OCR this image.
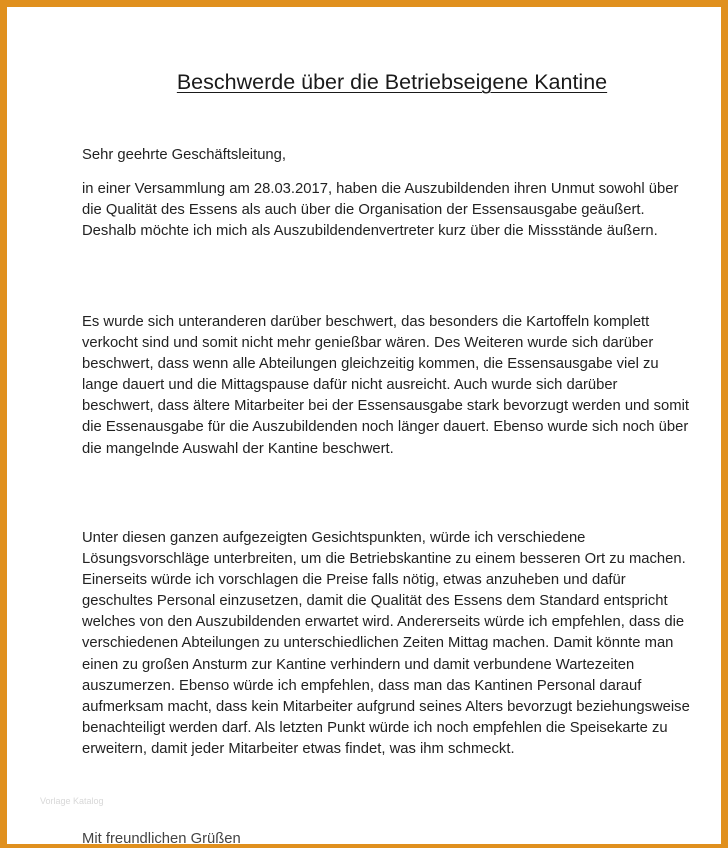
Beschwerde über die Betriebseigene Kantine

Sehr geehrte Geschäftsleitung,

in einer Versammlung am 28.03.2017, haben die Auszubildenden ihren Unmut sowohl über die Qualität des Essens als auch über die Organisation der Essensausgabe geäußert. Deshalb möchte ich mich als Auszubildendenvertreter kurz über die Missstände äußern.

Es wurde sich unteranderen darüber beschwert, das besonders die Kartoffeln komplett verkocht sind und somit nicht mehr genießbar wären. Des Weiteren wurde sich darüber beschwert, dass wenn alle Abteilungen gleichzeitig kommen, die Essensausgabe viel zu lange dauert und die Mittagspause dafür nicht ausreicht. Auch wurde sich darüber beschwert, dass ältere Mitarbeiter bei der Essensausgabe stark bevorzugt werden und somit die Essenausgabe für die Auszubildenden noch länger dauert. Ebenso wurde sich noch über die mangelnde Auswahl der Kantine beschwert.

Unter diesen ganzen aufgezeigten Gesichtspunkten, würde ich verschiedene Lösungsvorschläge unterbreiten, um die Betriebskantine zu einem besseren Ort zu machen. Einerseits würde ich vorschlagen die Preise falls nötig, etwas anzuheben und dafür geschultes Personal einzusetzen, damit die Qualität des Essens dem Standard entspricht welches von den Auszubildenden erwartet wird. Andererseits würde ich empfehlen, dass die verschiedenen Abteilungen zu unterschiedlichen Zeiten Mittag machen. Damit könnte man einen zu großen Ansturm zur Kantine verhindern und damit verbundene Wartezeiten auszumerzen. Ebenso würde ich empfehlen, dass man das Kantinen Personal darauf aufmerksam macht, dass kein Mitarbeiter aufgrund seines Alters bevorzugt beziehungsweise benachteiligt werden darf. Als letzten Punkt würde ich noch empfehlen die Speisekarte zu erweitern, damit jeder Mitarbeiter etwas findet, was ihm schmeckt.

Vorlage Katalog

Mit freundlichen Grüßen
